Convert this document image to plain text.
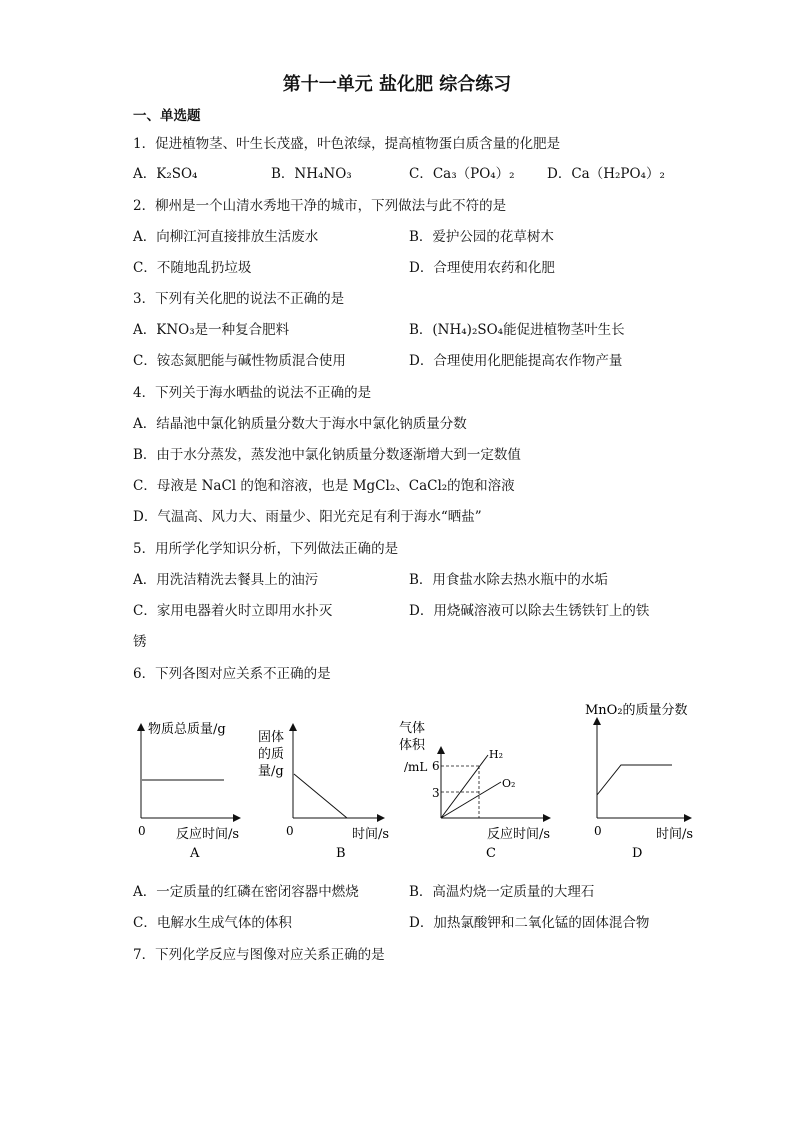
第十一单元 盐化肥 综合练习
一、单选题
1．促进植物茎、叶生长茂盛，叶色浓绿，提高植物蛋白质含量的化肥是
A．K₂SO₄	B．NH₄NO₃	C．Ca₃（PO₄）₂ D．Ca（H₂PO₄）₂
2．柳州是一个山清水秀地干净的城市，下列做法与此不符的是
A．向柳江河直接排放生活废水	B．爱护公园的花草树木
C．不随地乱扔垃圾	D．合理使用农药和化肥
3．下列有关化肥的说法不正确的是
A．KNO₃是一种复合肥料	B．(NH₄)₂SO₄能促进植物茎叶生长
C．铵态氮肥能与碱性物质混合使用	D．合理使用化肥能提高农作物产量
4．下列关于海水晒盐的说法不正确的是
A．结晶池中氯化钠质量分数大于海水中氯化钠质量分数
B．由于水分蒸发，蒸发池中氯化钠质量分数逐渐增大到一定数值
C．母液是 NaCl 的饱和溶液，也是 MgCl₂、CaCl₂的饱和溶液
D．气温高、风力大、雨量少、阳光充足有利于海水“晒盐”
5．用所学化学知识分析，下列做法正确的是
A．用洗洁精洗去餐具上的油污	B．用食盐水除去热水瓶中的水垢
C．家用电器着火时立即用水扑灭	D．用烧碱溶液可以除去生锈铁钉上的铁
锈
6．下列各图对应关系不正确的是
物质总质量/g
0 反应时间/s
A
固体
的质
量/g
0	时间/s
B
气体
体积
/mL 6
3
H₂
O₂
反应时间/s
C
MnO₂的质量分数
0	时间/s
D
A．一定质量的红磷在密闭容器中燃烧	B．高温灼烧一定质量的大理石
C．电解水生成气体的体积	D．加热氯酸钾和二氧化锰的固体混合物
7．下列化学反应与图像对应关系正确的是
